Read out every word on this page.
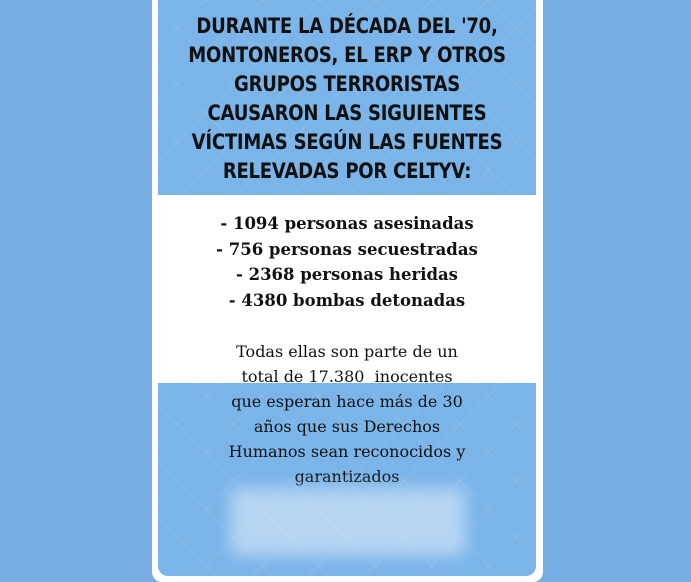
DURANTE LA DÉCADA DEL '70,
MONTONEROS, EL ERP Y OTROS
GRUPOS TERRORISTAS
CAUSARON LAS SIGUIENTES
VÍCTIMAS SEGÚN LAS FUENTES
RELEVADAS POR CELTYV:
- 1094 personas asesinadas
- 756 personas secuestradas
- 2368 personas heridas
- 4380 bombas detonadas
Todas ellas son parte de un
total de 17.380  inocentes
que esperan hace más de 30
años que sus Derechos
Humanos sean reconocidos y
garantizados
